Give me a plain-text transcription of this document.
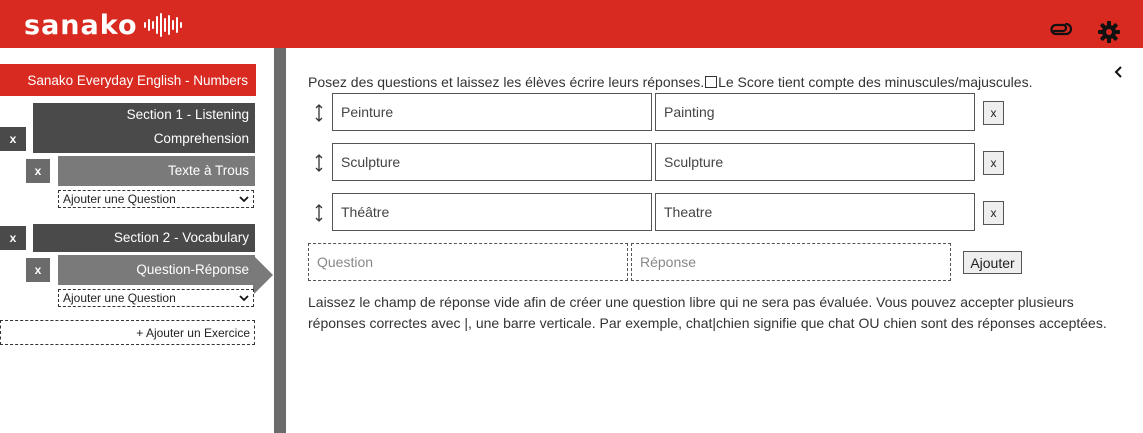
sanako
Sanako Everyday English - Numbers
x
Section 1 - Listening
Comprehension
x	Texte à Trous
Ajouter une Question
x	Section 2 - Vocabulary
x	Question-Réponse
Ajouter une Question
+ Ajouter un Exercice
Posez des questions et laissez les élèves écrire leurs réponses. Le Score tient compte des minuscules/majuscules.
Peinture	Painting	x
Sculpture	Sculpture	x
Théâtre	Theatre	x
Question	Réponse	Ajouter
Laissez le champ de réponse vide afin de créer une question libre qui ne sera pas évaluée. Vous pouvez accepter plusieurs réponses correctes avec |, une barre verticale. Par exemple, chat|chien signifie que chat OU chien sont des réponses acceptées.
